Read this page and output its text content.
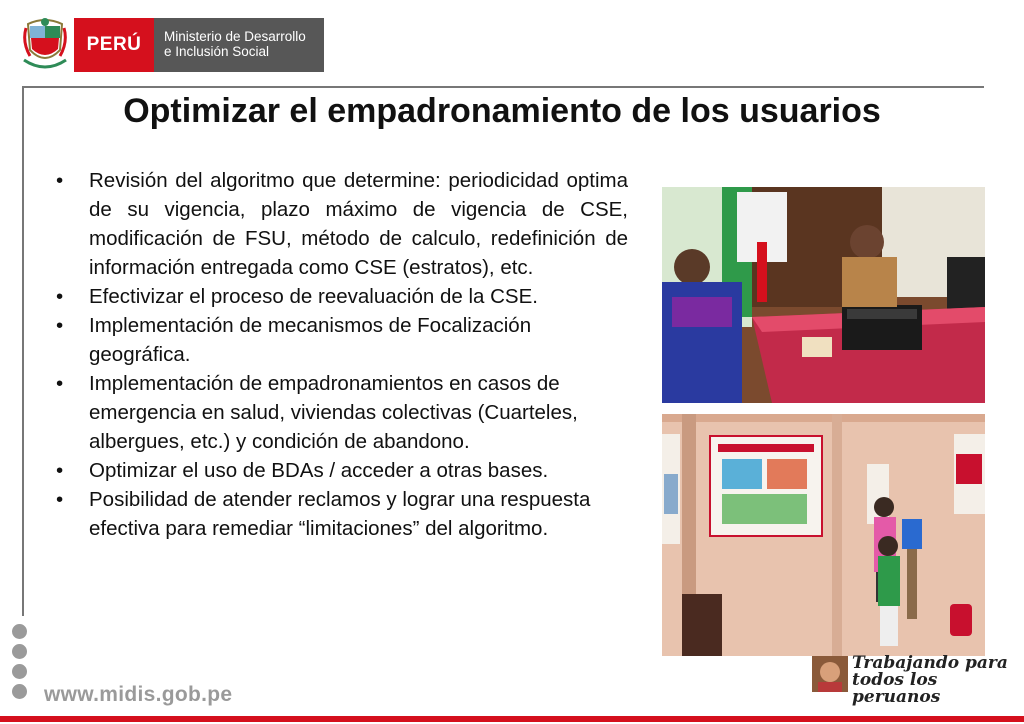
PERÚ	Ministerio de Desarrollo
e Inclusión Social
Optimizar el empadronamiento de los usuarios
• Revisión del algoritmo que determine: periodicidad optima de su vigencia, plazo máximo de vigencia de CSE, modificación de FSU, método de calculo, redefinición de información entregada como CSE (estratos), etc.
• Efectivizar el proceso de reevaluación de la CSE.
• Implementación de mecanismos de Focalización geográfica.
• Implementación de empadronamientos en casos de emergencia en salud, viviendas colectivas (Cuarteles, albergues, etc.) y condición de abandono.
• Optimizar el uso de BDAs / acceder a otras bases.
• Posibilidad de atender reclamos y lograr una respuesta efectiva para remediar “limitaciones” del algoritmo.
www.midis.gob.pe
Trabajando para
todos los peruanos
